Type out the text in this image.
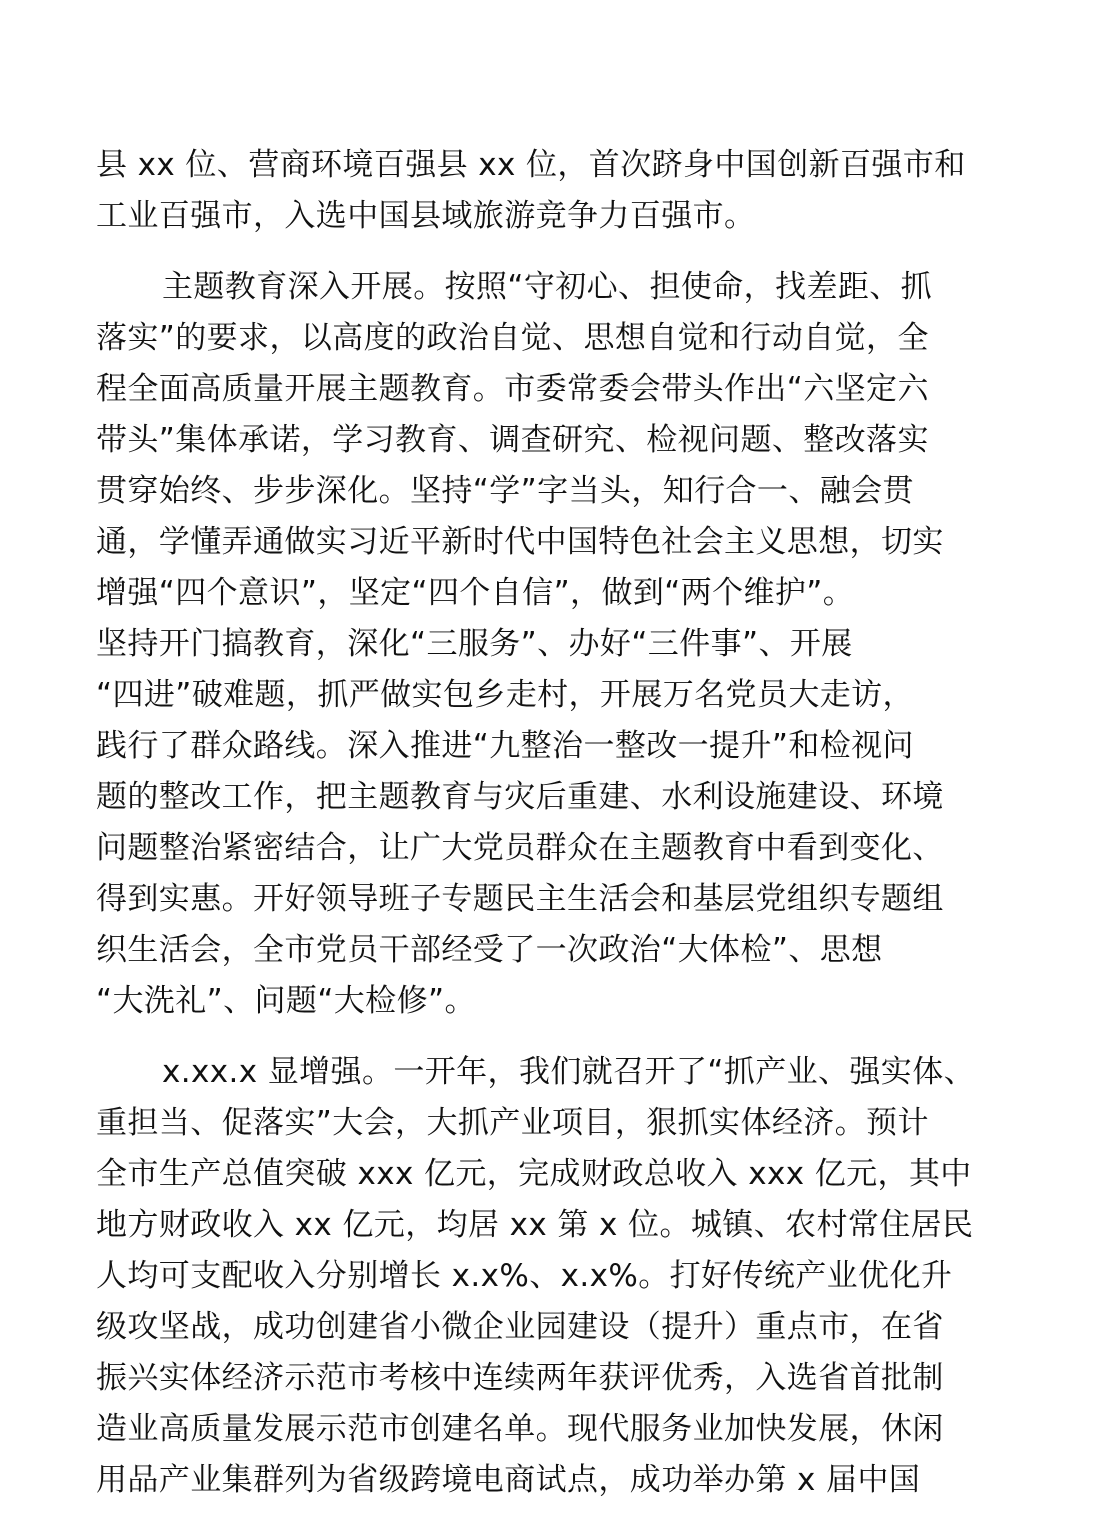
县 xx 位、营商环境百强县 xx 位，首次跻身中国创新百强市和
工业百强市，入选中国县域旅游竞争力百强市。
主题教育深入开展。按照“守初心、担使命，找差距、抓
落实”的要求，以高度的政治自觉、思想自觉和行动自觉，全
程全面高质量开展主题教育。市委常委会带头作出“六坚定六
带头”集体承诺，学习教育、调查研究、检视问题、整改落实
贯穿始终、步步深化。坚持“学”字当头，知行合一、融会贯
通，学懂弄通做实习近平新时代中国特色社会主义思想，切实
增强“四个意识”，坚定“四个自信”，做到“两个维护”。
坚持开门搞教育，深化“三服务”、办好“三件事”、开展
“四进”破难题，抓严做实包乡走村，开展万名党员大走访，
践行了群众路线。深入推进“九整治一整改一提升”和检视问
题的整改工作，把主题教育与灾后重建、水利设施建设、环境
问题整治紧密结合，让广大党员群众在主题教育中看到变化、
得到实惠。开好领导班子专题民主生活会和基层党组织专题组
织生活会，全市党员干部经受了一次政治“大体检”、思想
“大洗礼”、问题“大检修”。
x.xx.x 显增强。一开年，我们就召开了“抓产业、强实体、
重担当、促落实”大会，大抓产业项目，狠抓实体经济。预计
全市生产总值突破 xxx 亿元，完成财政总收入 xxx 亿元，其中
地方财政收入 xx 亿元，均居 xx 第 x 位。城镇、农村常住居民
人均可支配收入分别增长 x.x%、x.x%。打好传统产业优化升
级攻坚战，成功创建省小微企业园建设（提升）重点市，在省
振兴实体经济示范市考核中连续两年获评优秀，入选省首批制
造业高质量发展示范市创建名单。现代服务业加快发展，休闲
用品产业集群列为省级跨境电商试点，成功举办第 x 届中国
